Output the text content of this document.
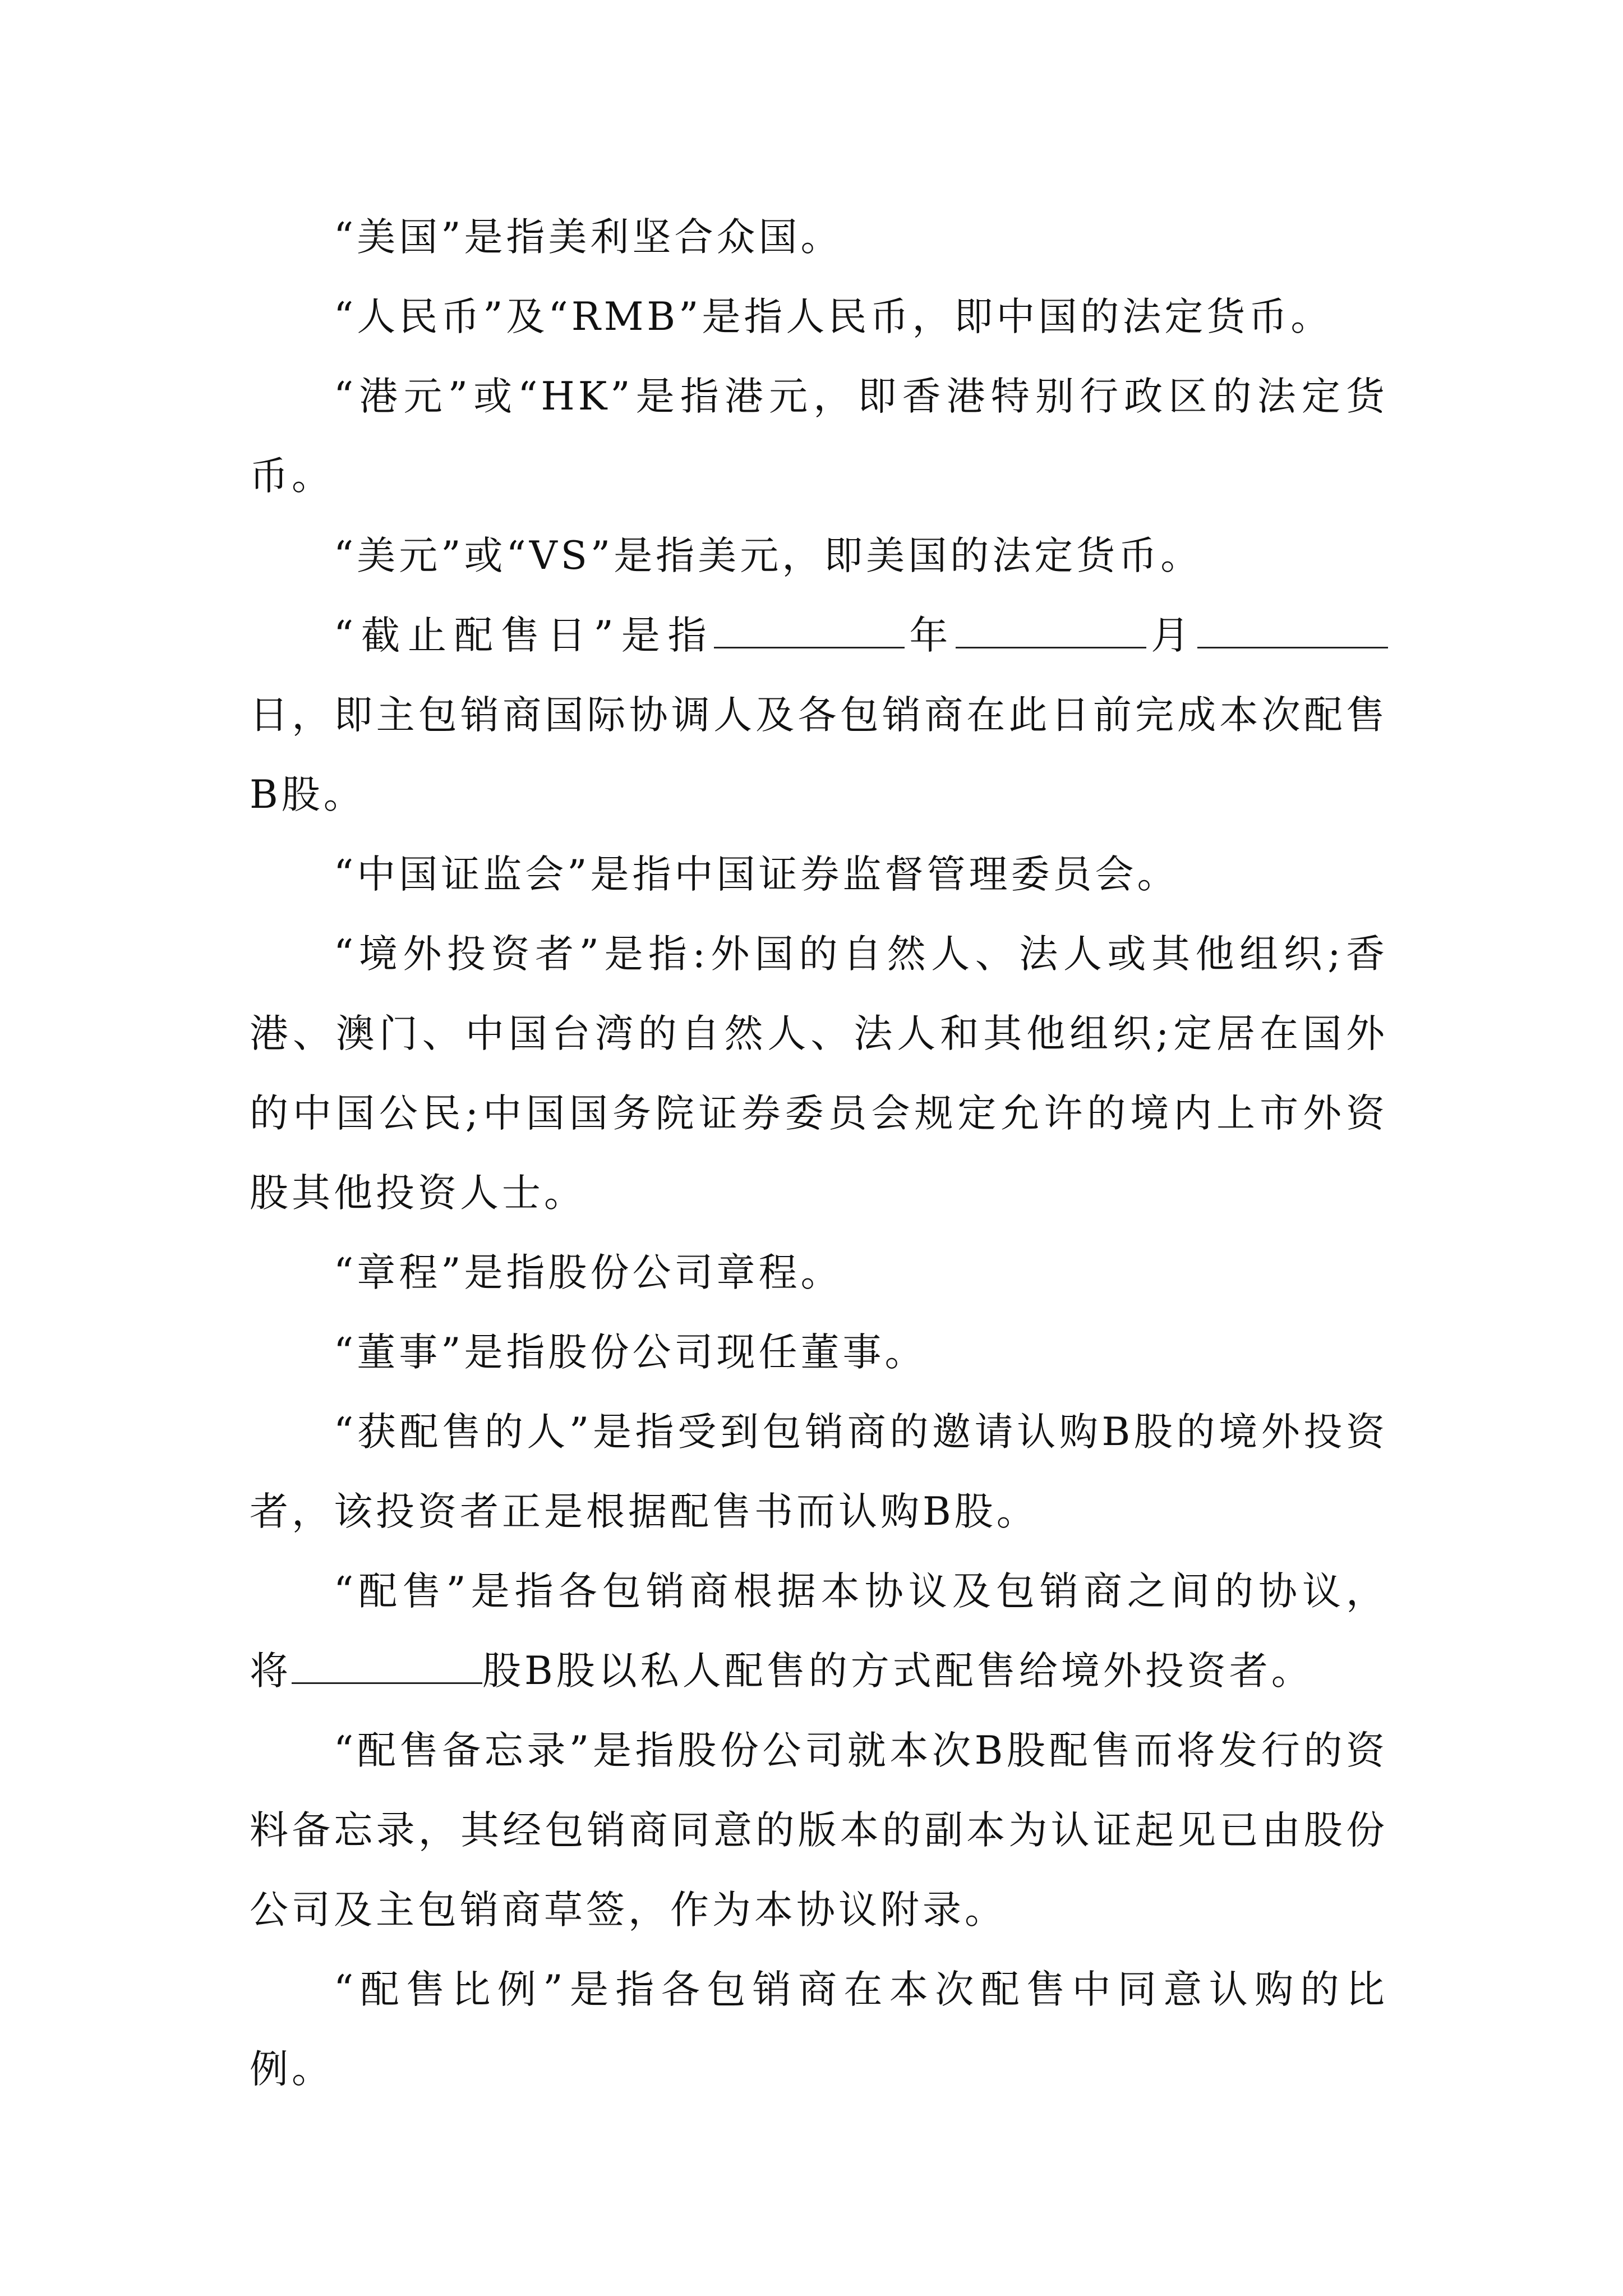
“美国”是指美利坚合众国。

“人民币”及“RMB”是指人民币，即中国的法定货币。

“港元”或“HK”是指港元，即香港特别行政区的法定货币。

“美元”或“VS”是指美元，即美国的法定货币。

“截止配售日”是指	年	月日，即主包销商国际协调人及各包销商在此日前完成本次配售B股。

“中国证监会”是指中国证券监督管理委员会。

“境外投资者”是指:外国的自然人、法人或其他组织;香港、澳门、中国台湾的自然人、法人和其他组织;定居在国外的中国公民;中国国务院证券委员会规定允许的境内上市外资股其他投资人士。

“章程”是指股份公司章程。

“董事”是指股份公司现任董事。

“获配售的人”是指受到包销商的邀请认购B股的境外投资者，该投资者正是根据配售书而认购B股。

“配售”是指各包销商根据本协议及包销商之间的协议，将	股B股以私人配售的方式配售给境外投资者。

“配售备忘录”是指股份公司就本次B股配售而将发行的资料备忘录，其经包销商同意的版本的副本为认证起见已由股份公司及主包销商草签，作为本协议附录。

“配售比例”是指各包销商在本次配售中同意认购的比例。
